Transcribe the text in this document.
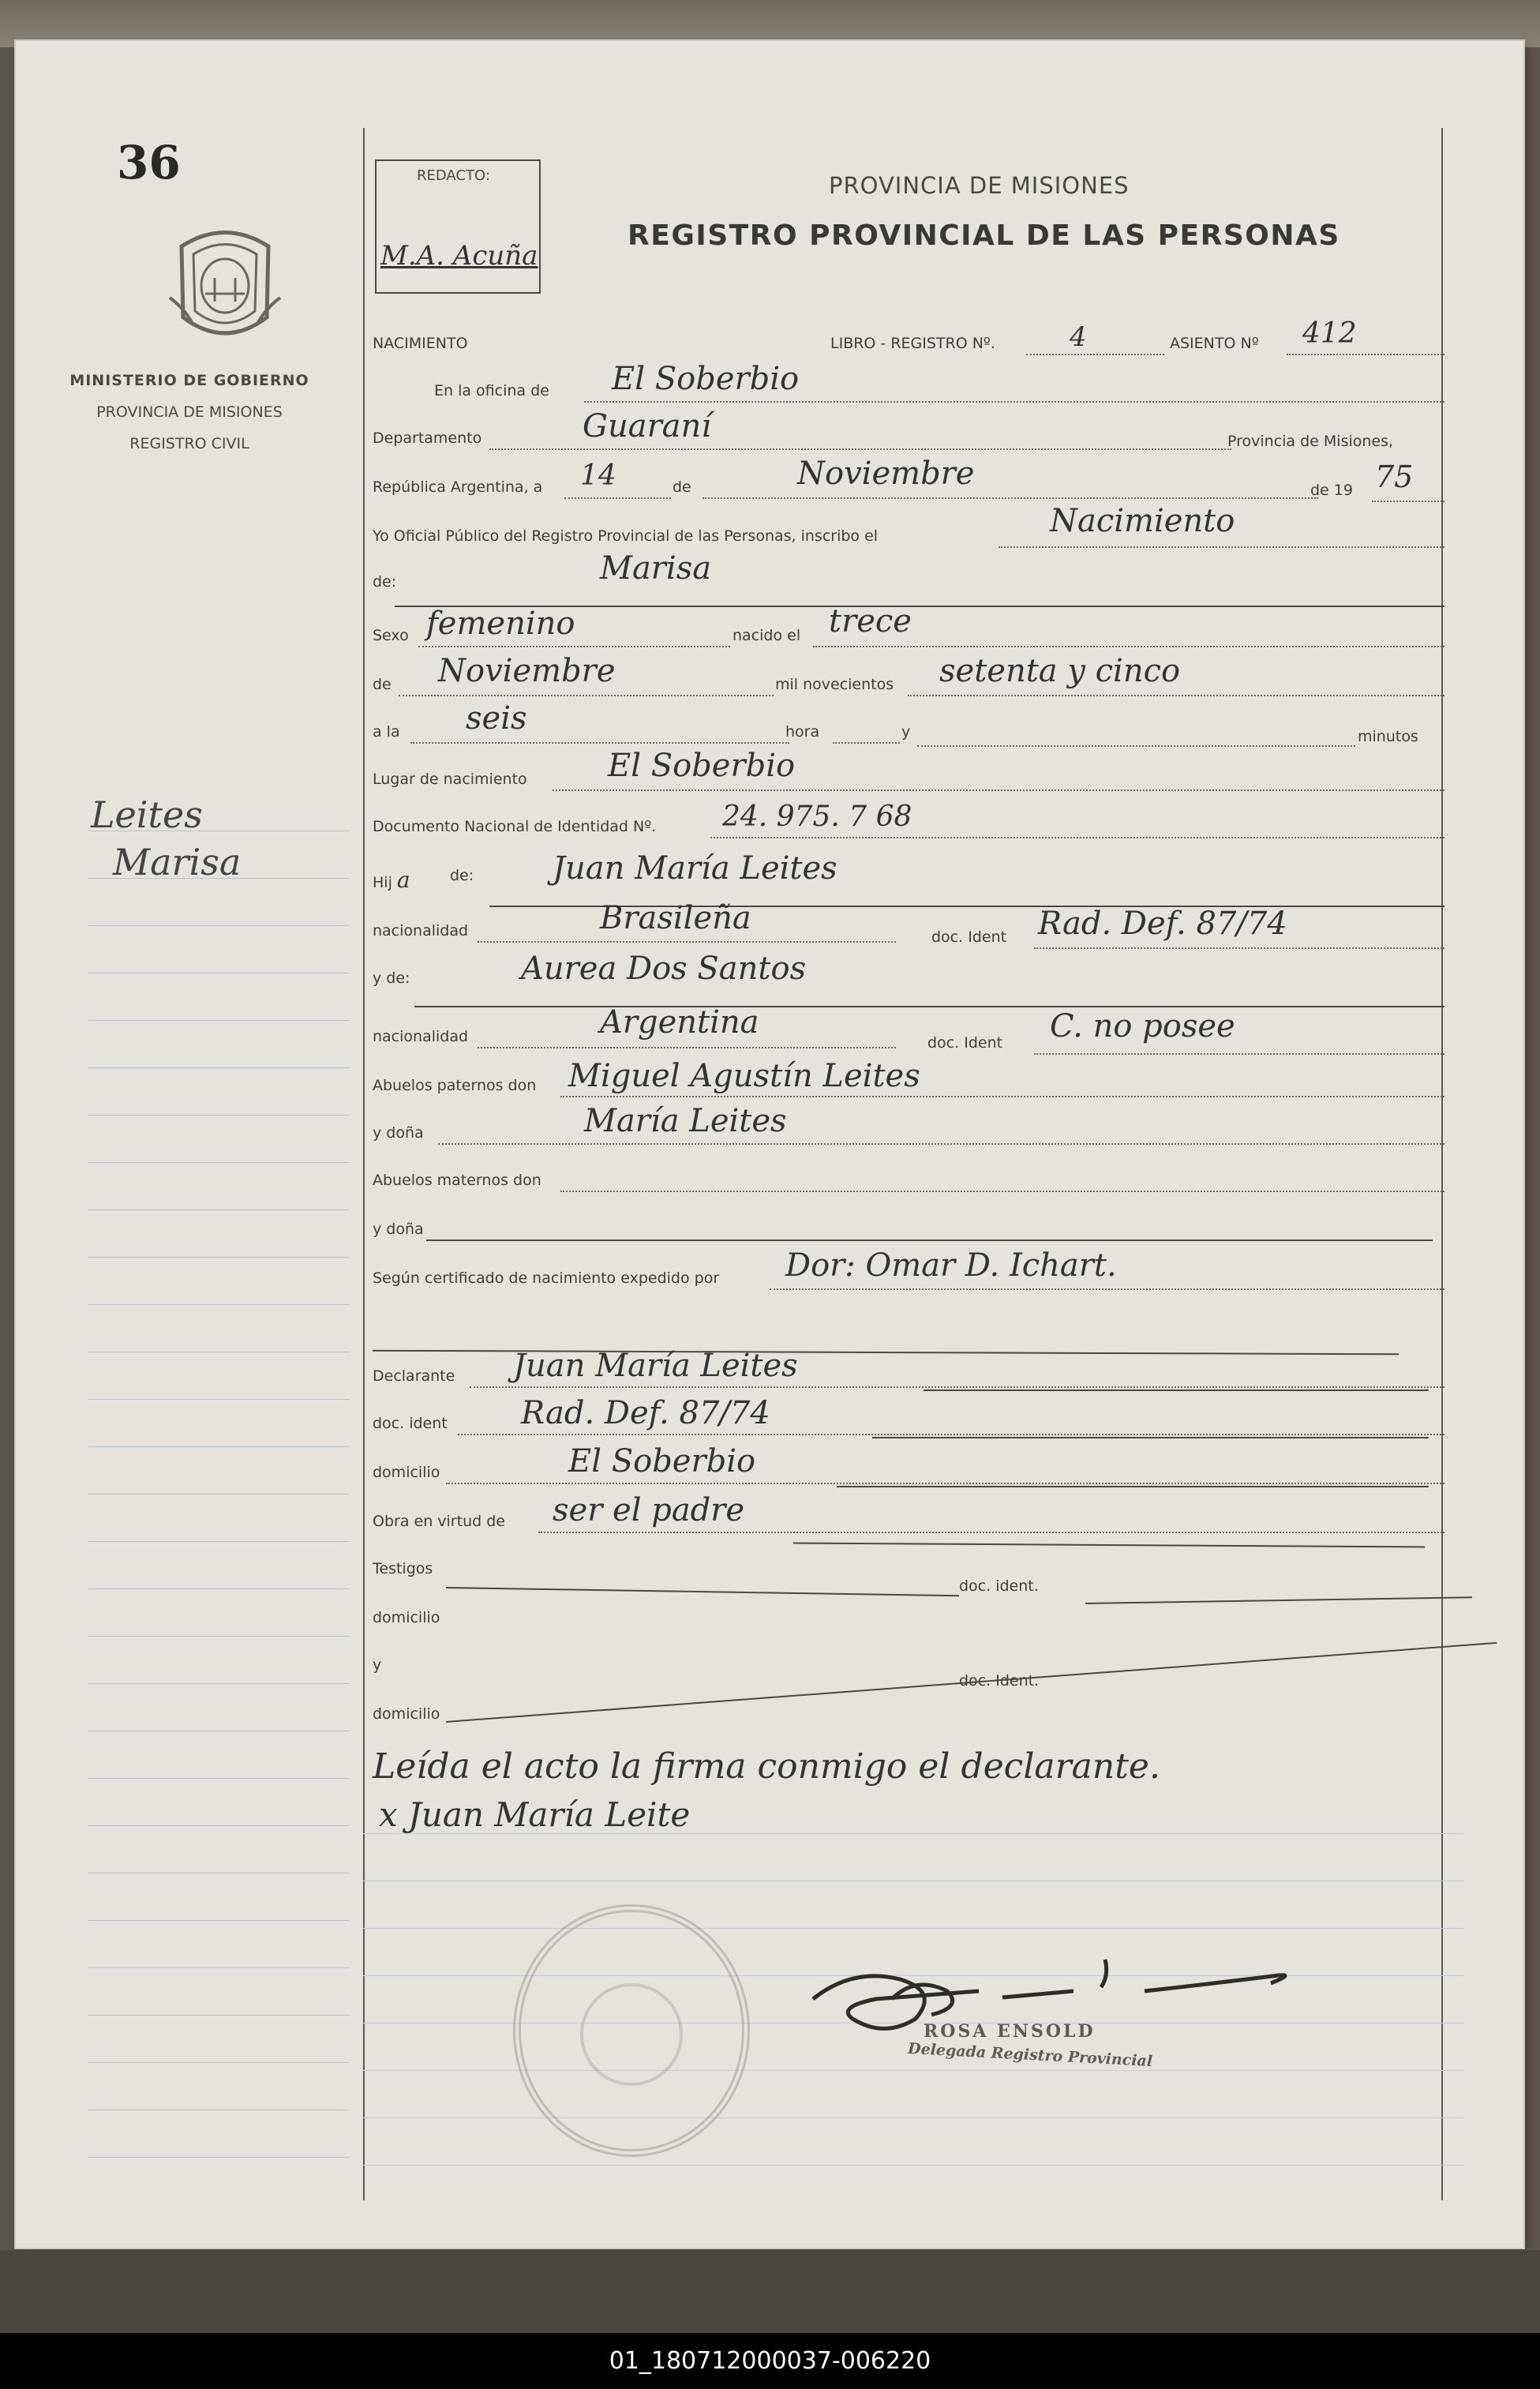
36
MINISTERIO DE GOBIERNO
PROVINCIA DE MISIONES
REGISTRO CIVIL
Leites
Marisa
REDACTO:
M.A. Acuña
PROVINCIA DE MISIONES
REGISTRO PROVINCIAL DE LAS PERSONAS
NACIMIENTO	LIBRO - REGISTRO Nº.	4	ASIENTO Nº 412
En la oficina de El Soberbio
Departamento	Guaraní	Provincia de Misiones,
República Argentina, a 14	de	Noviembre	de 19 75
Yo Oficial Público del Registro Provincial de las Personas, inscribo el	Nacimiento
de:	Marisa
Sexo femenino	nacido el trece
de Noviembre	mil novecientos setenta y cinco
a la seis	hora	y	minutos
Lugar de nacimiento	El Soberbio
Documento Nacional de Identidad Nº. 24. 975. 7 68
Hij a	de: Juan María Leites
nacionalidad	Brasileña
doc. Ident Rad. Def. 87/74
y de:	Aurea Dos Santos
nacionalidad	Argentina
doc. Ident C. no posee
Abuelos paternos don Miguel Agustín Leites
y doña	María Leites
Abuelos maternos don
y doña
Según certificado de nacimiento expedido por Dor: Omar D. Ichart.
Declarante Juan María Leites
doc. ident Rad. Def. 87/74
domicilio	El Soberbio
Obra en virtud de ser el padre
Testigos
doc. ident.
domicilio
y
domicilio
doc. Ident.
Leída el acto la firma conmigo el declarante.
x Juan María Leite
ROSA ENSOLD
Delegada Registro Provincial
01_180712000037-006220
